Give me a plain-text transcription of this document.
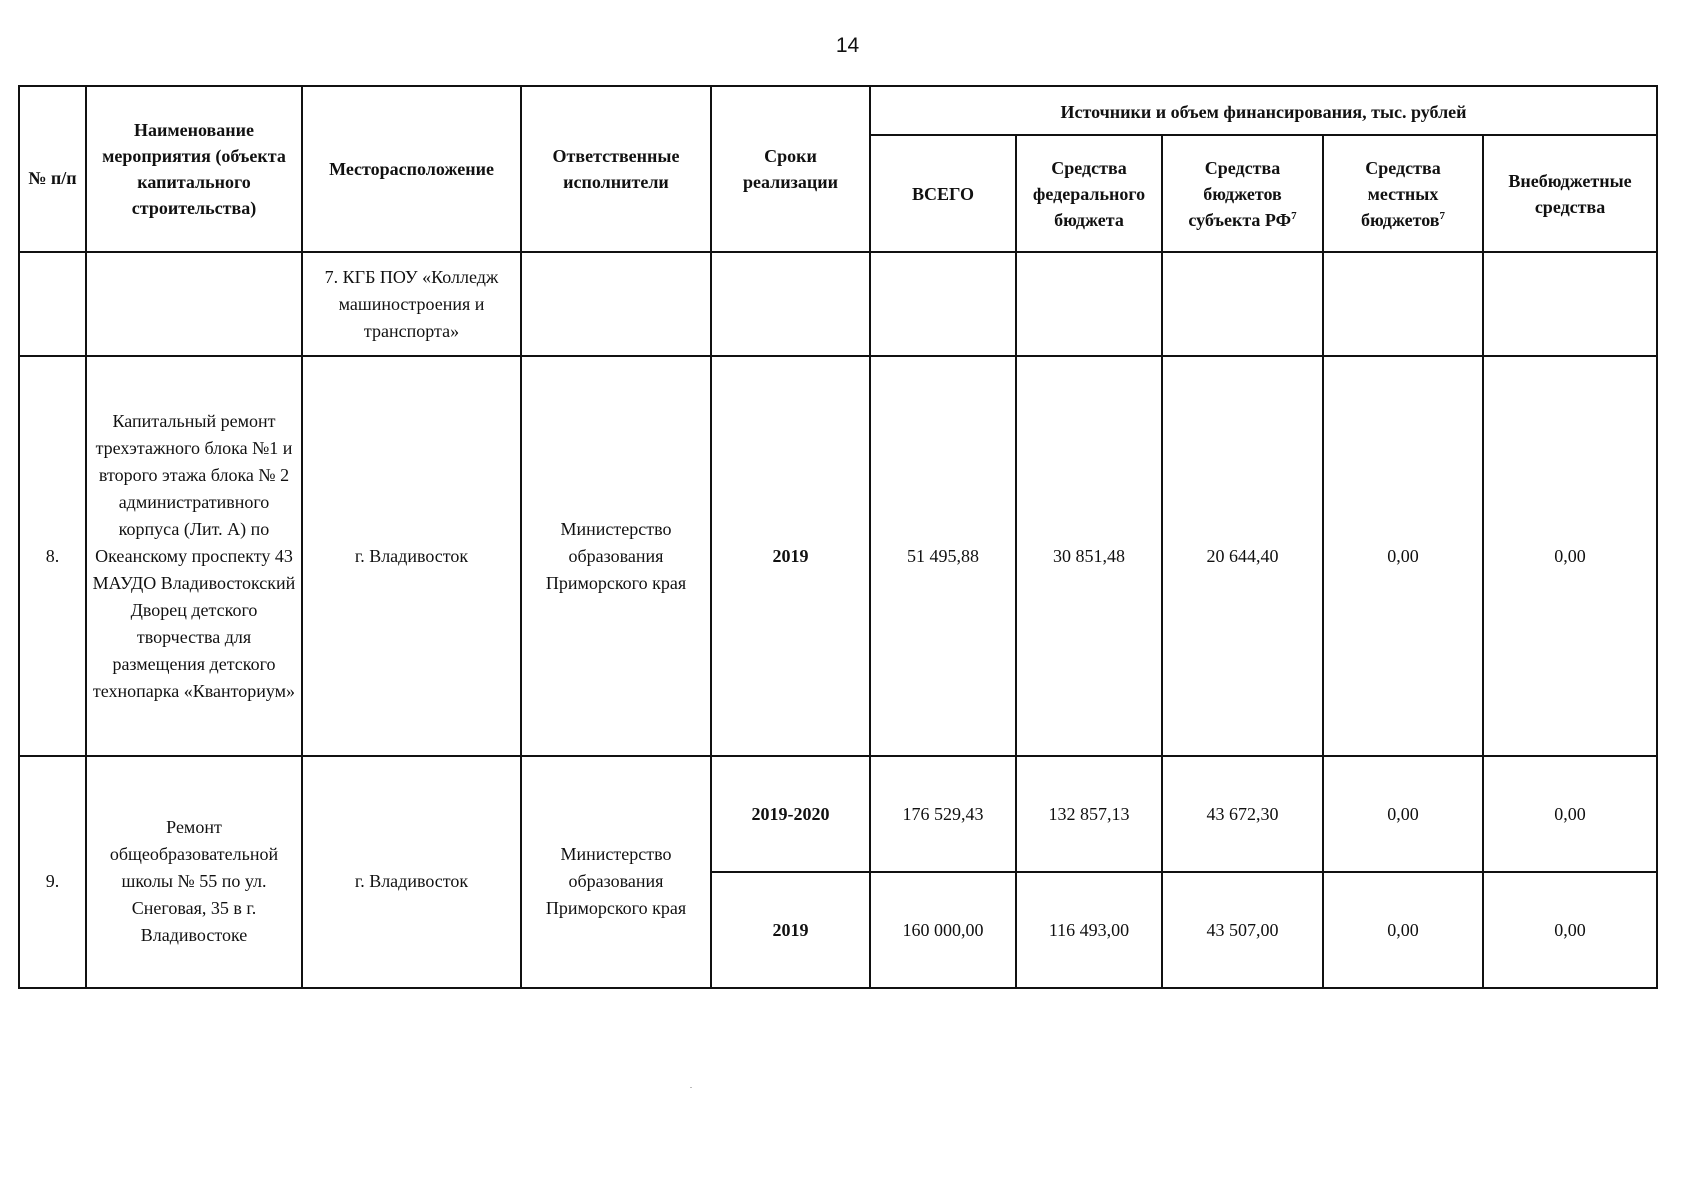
14
№ п/п	Наименование мероприятия (объекта капитального строительства)	Месторасположение	Ответственные исполнители	Сроки реализации	Источники и объем финансирования, тыс. рублей				
					ВСЕГО	Средства федерального бюджета	Средства бюджетов субъекта $РФ^7$	Средства местных бюджетов$^7$	Внебюджетные средства
		7. КГБ ПОУ «Колледж машиностроения и транспорта»							
8.	Капитальный ремонт трехэтажного блока №1 и второго этажа блока № 2 административного корпуса (Лит. А) по Океанскому проспекту 43 МАУДО Владивостокский Дворец детского творчества для размещения детского технопарка «Кванториум»	г. Владивосток	Министерство образования Приморского края	2019	51 495,88	30 851,48	20 644,40	0,00	0,00
9.	Ремонт общеобразовательной школы № 55 по ул. Снеговая, 35 в г. Владивостоке	г. Владивосток	Министерство образования Приморского края	2019-2020	176 529,43	132 857,13	43 672,30	0,00	0,00
				2019	160 000,00	116 493,00	43 507,00	0,00	0,00
